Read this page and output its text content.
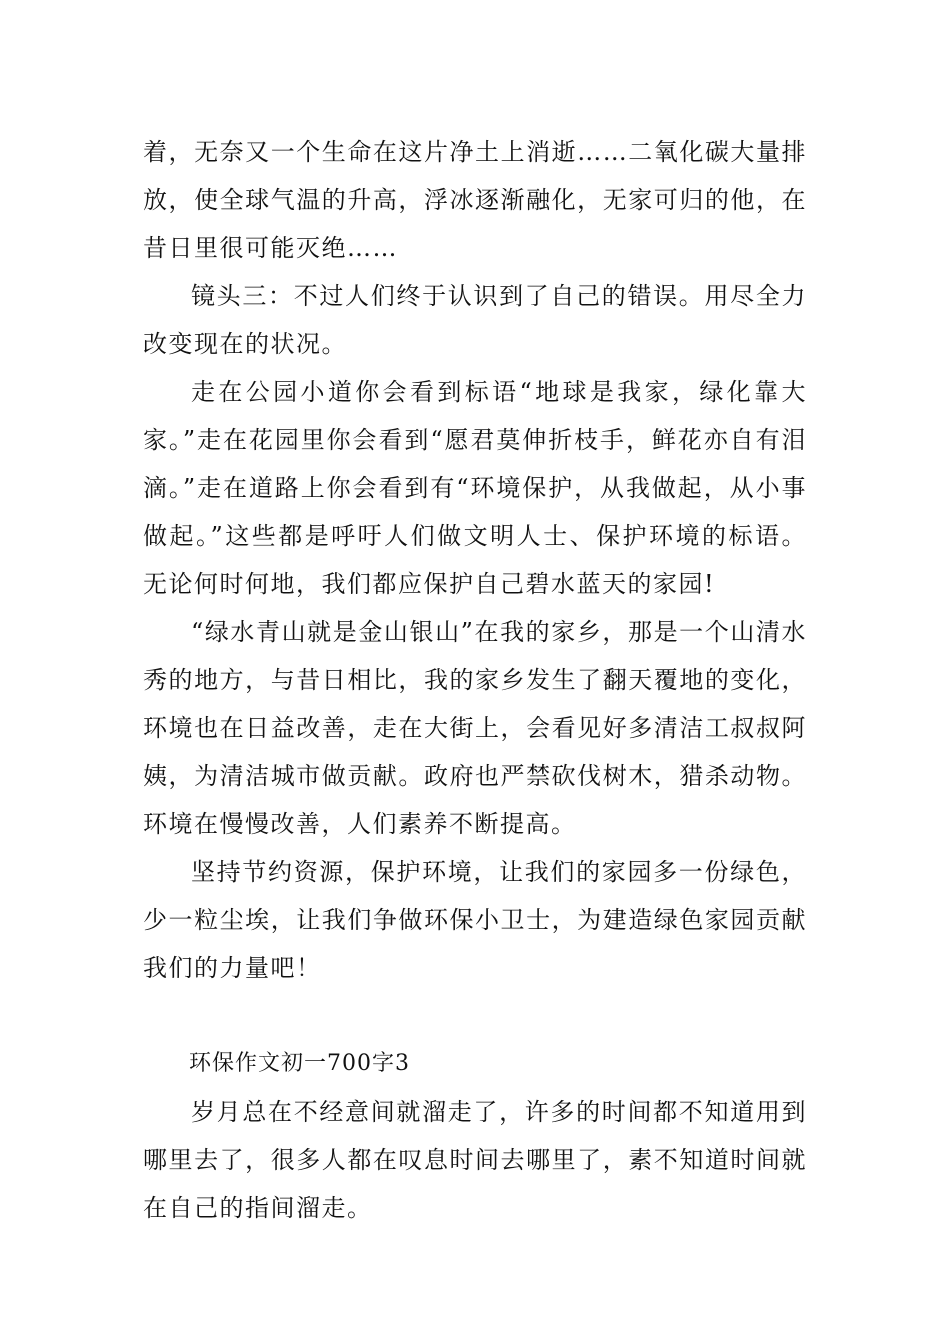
着，无奈又一个生命在这片净土上消逝……二氧化碳大量排放，使全球气温的升高，浮冰逐渐融化，无家可归的他，在昔日里很可能灭绝……

镜头三：不过人们终于认识到了自己的错误。用尽全力改变现在的状况。

走在公园小道你会看到标语“地球是我家，绿化靠大家。”走在花园里你会看到“愿君莫伸折枝手，鲜花亦自有泪滴。”走在道路上你会看到有“环境保护，从我做起，从小事做起。”这些都是呼吁人们做文明人士、保护环境的标语。无论何时何地，我们都应保护自己碧水蓝天的家园!

“绿水青山就是金山银山”在我的家乡，那是一个山清水秀的地方，与昔日相比，我的家乡发生了翻天覆地的变化，环境也在日益改善，走在大街上，会看见好多清洁工叔叔阿姨，为清洁城市做贡献。政府也严禁砍伐树木，猎杀动物。环境在慢慢改善，人们素养不断提高。

坚持节约资源，保护环境，让我们的家园多一份绿色，少一粒尘埃，让我们争做环保小卫士，为建造绿色家园贡献我们的力量吧！

环保作文初一700字3

岁月总在不经意间就溜走了，许多的时间都不知道用到哪里去了，很多人都在叹息时间去哪里了，素不知道时间就在自己的指间溜走。
